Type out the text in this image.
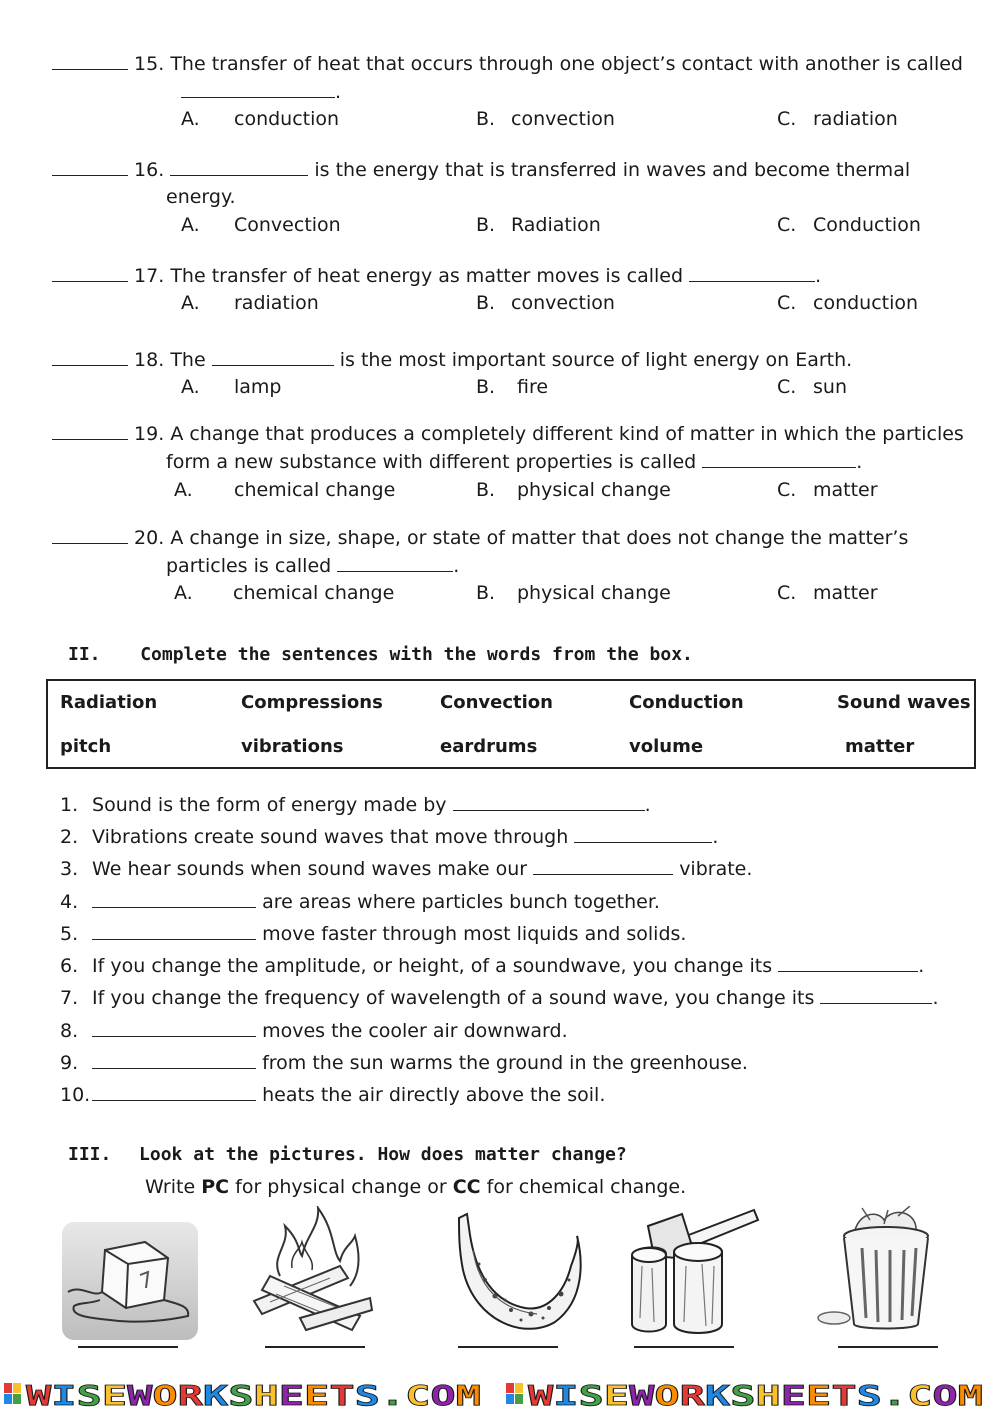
15. The transfer of heat that occurs through one object’s contact with another is called
.
A. conduction	B. convection	C. radiation
16.	is the energy that is transferred in waves and become thermal
energy.
A. Convection	B. Radiation	C. Conduction
17. The transfer of heat energy as matter moves is called	.
A. radiation	B. convection	C. conduction
18. The	is the most important source of light energy on Earth.
A. lamp	B. fire	C. sun
19. A change that produces a completely different kind of matter in which the particles
form a new substance with different properties is called	.
A. chemical change	B. physical change	C. matter
20. A change in size, shape, or state of matter that does not change the matter’s
particles is called	.
A. chemical change	B. physical change	C. matter
II. Complete the sentences with the words from the box.
Radiation	Compressions	Convection	Conduction	Sound waves
pitch	vibrations	eardrums	volume	matter
1. Sound is the form of energy made by	.
2. Vibrations create sound waves that move through	.
3. We hear sounds when sound waves make our	vibrate.
4.	are areas where particles bunch together.
5.	move faster through most liquids and solids.
6. If you change the amplitude, or height, of a soundwave, you change its	.
7. If you change the frequency of wavelength of a sound wave, you change its	.
8.	moves the cooler air downward.
9.	from the sun warms the ground in the greenhouse.
10.	heats the air directly above the soil.
III. Look at the pictures. How does matter change?
Write PC for physical change or CC for chemical change.
W I S E W O R K S H E E T S . C O M	W I S E W O R K S H E E T S . C O M
